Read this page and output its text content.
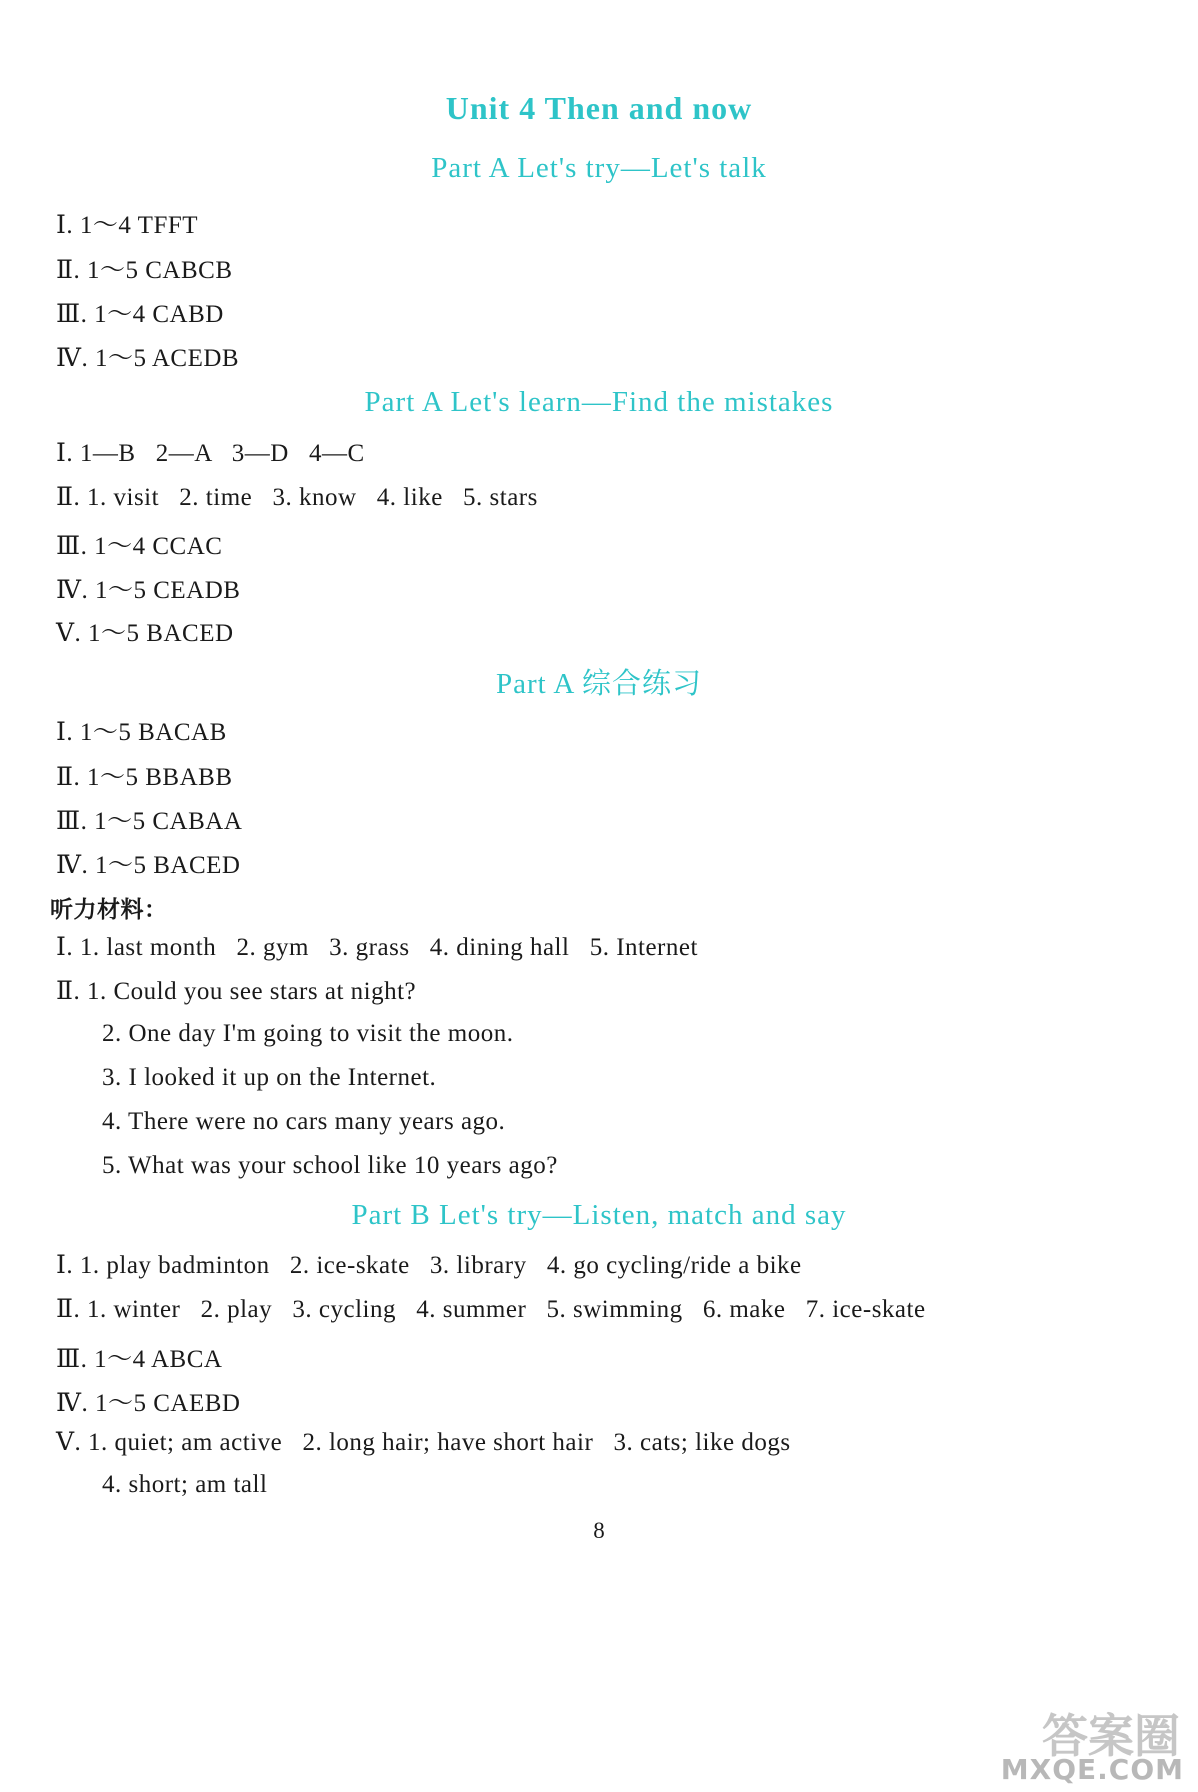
Unit 4 Then and now
Part A Let's try—Let's talk
Ⅰ. 1～4 TFFT
Ⅱ. 1～5 CABCB
Ⅲ. 1～4 CABD
Ⅳ. 1～5 ACEDB
Part A Let's learn—Find the mistakes
Ⅰ. 1—B   2—A   3—D   4—C
Ⅱ. 1. visit   2. time   3. know   4. like   5. stars
Ⅲ. 1～4 CCAC
Ⅳ. 1～5 CEADB
Ⅴ. 1～5 BACED
Part A 综合练习
Ⅰ. 1～5 BACAB
Ⅱ. 1～5 BBABB
Ⅲ. 1～5 CABAA
Ⅳ. 1～5 BACED
听力材料：
Ⅰ. 1. last month   2. gym   3. grass   4. dining hall   5. Internet
Ⅱ. 1. Could you see stars at night?
2. One day I'm going to visit the moon.
3. I looked it up on the Internet.
4. There were no cars many years ago.
5. What was your school like 10 years ago?
Part B Let's try—Listen, match and say
Ⅰ. 1. play badminton   2. ice-skate   3. library   4. go cycling/ride a bike
Ⅱ. 1. winter   2. play   3. cycling   4. summer   5. swimming   6. make   7. ice-skate
Ⅲ. 1～4 ABCA
Ⅳ. 1～5 CAEBD
Ⅴ. 1. quiet; am active   2. long hair; have short hair   3. cats; like dogs
4. short; am tall
8
答案圈
MXQE.COM
